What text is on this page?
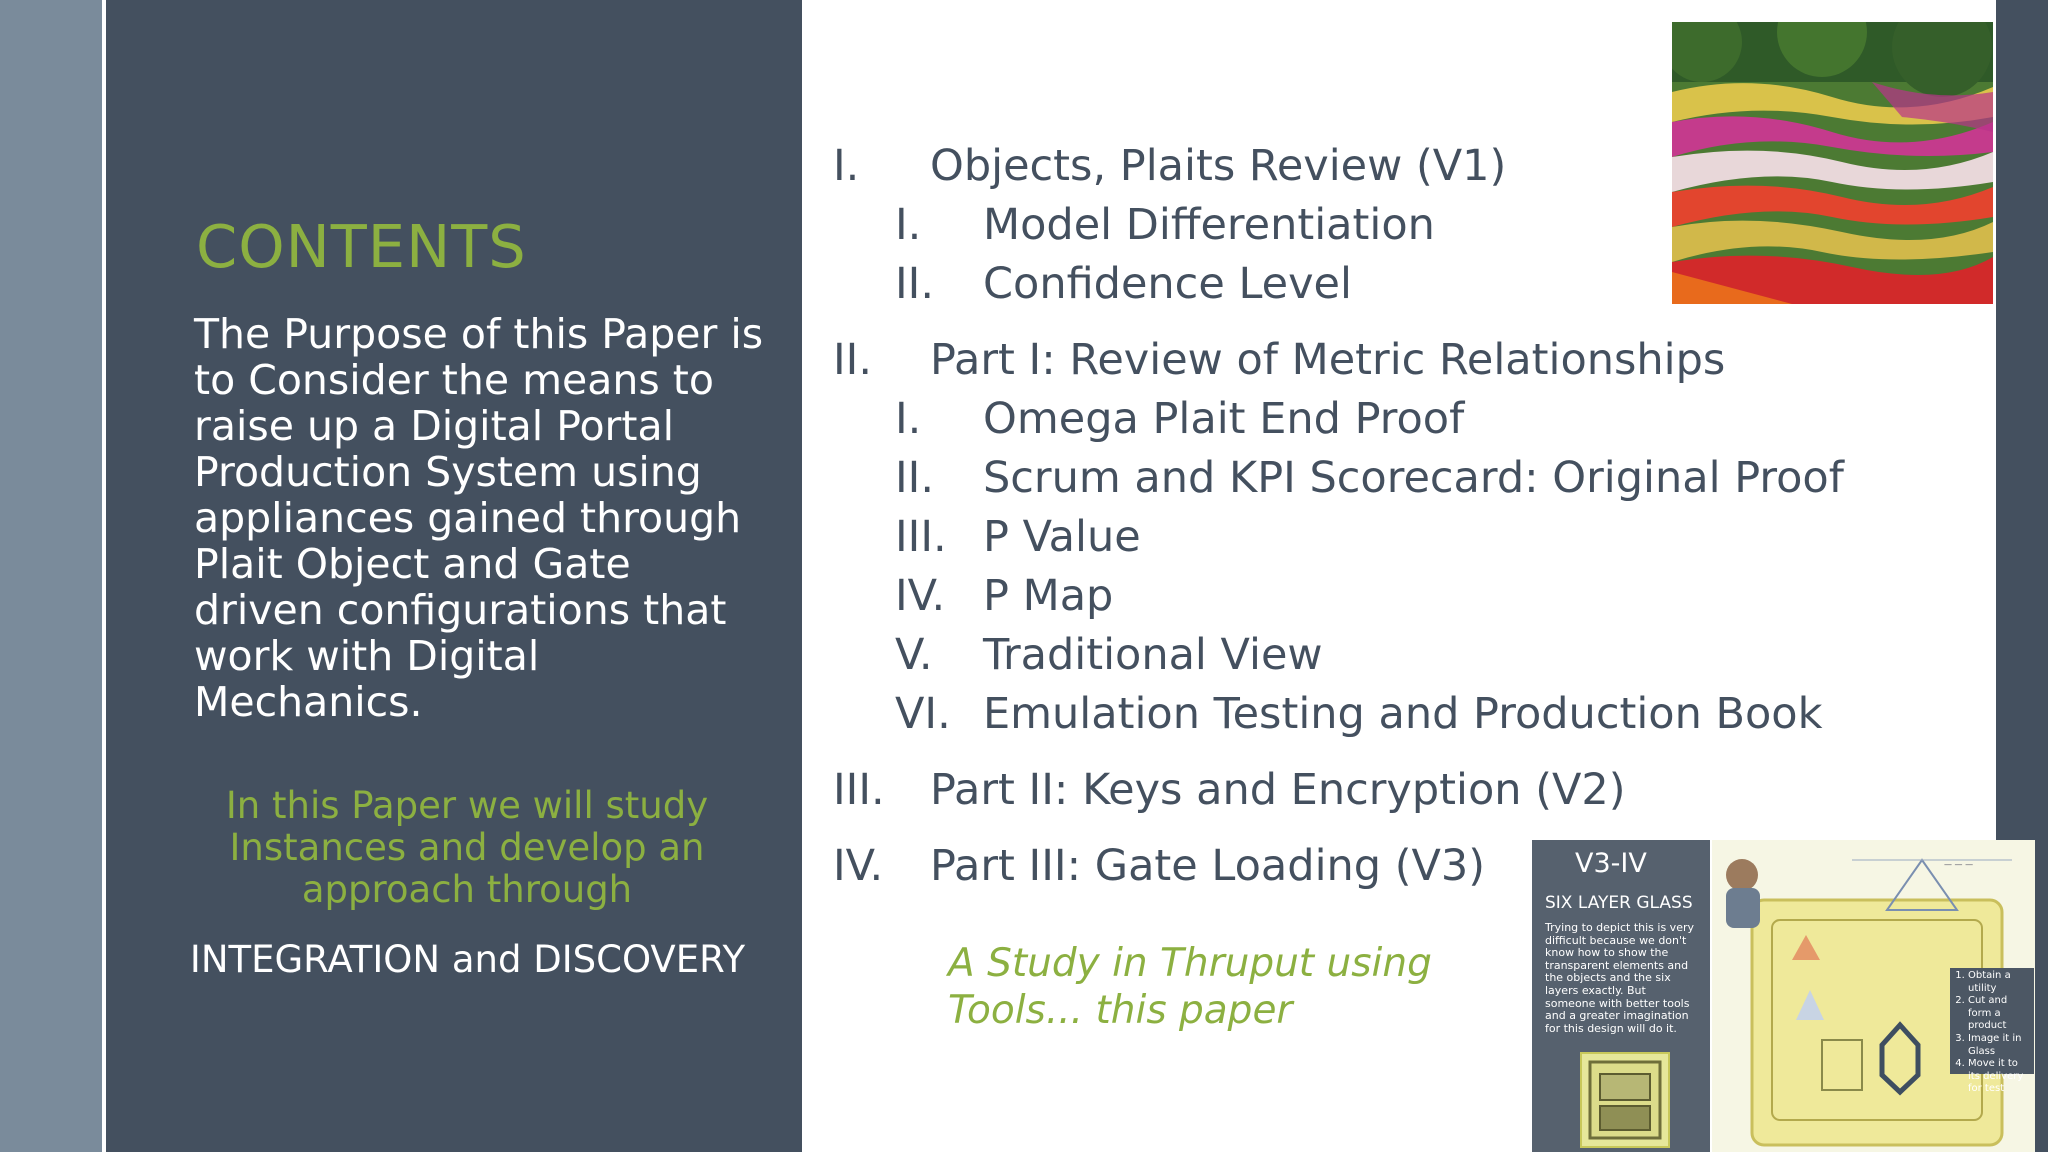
CONTENTS
The Purpose of this Paper is to Consider the means to raise up a Digital Portal Production System using appliances gained through Plait Object and Gate driven configurations that work with Digital Mechanics.
In this Paper we will study Instances and develop an approach through
INTEGRATION and DISCOVERY
I. Objects, Plaits Review (V1)
I. Model Differentiation
II. Confidence Level
II. Part I: Review of Metric Relationships
I. Omega Plait End Proof
II. Scrum and KPI Scorecard: Original Proof
III. P Value
IV. P Map
V. Traditional View
VI. Emulation Testing and Production Book
III. Part II: Keys and Encryption (V2)
IV. Part III: Gate Loading (V3)
A Study in Thruput using
Tools... this paper
V3-IV
SIX LAYER GLASS
Trying to depict this is very difficult because we don't know how to show the transparent elements and the objects and the six layers exactly. But someone with better tools and a greater imagination for this design will do it.
— — —
1. Obtain a utility
2. Cut and form a product
3. Image it in Glass
4. Move it to its delivery for test
